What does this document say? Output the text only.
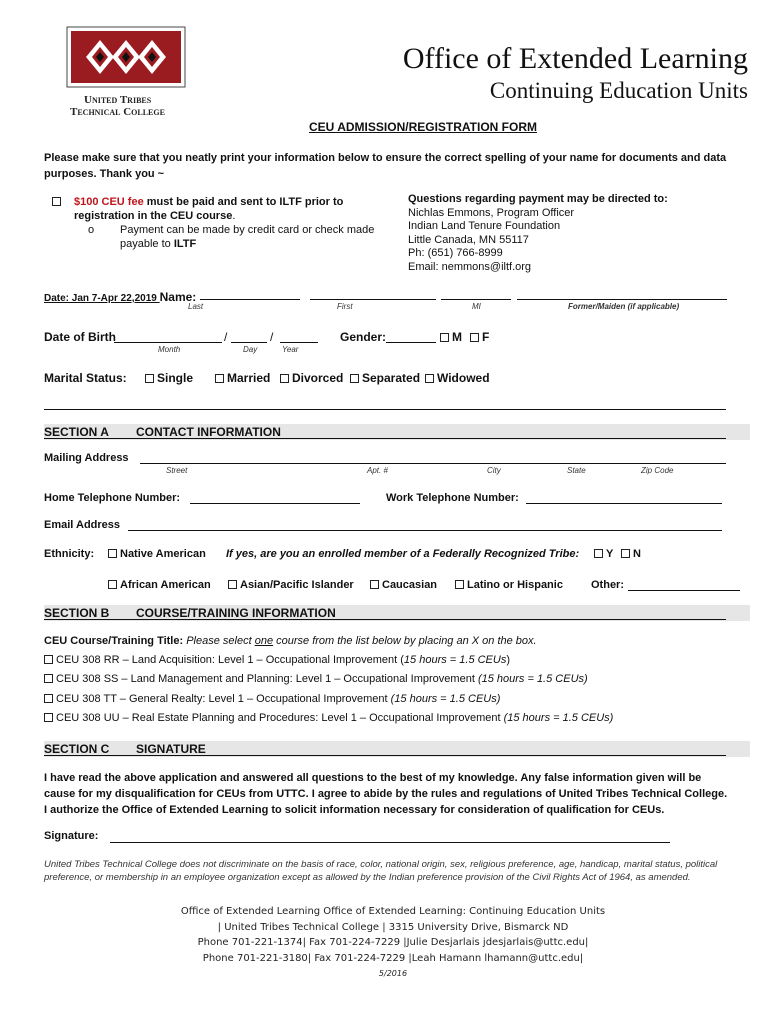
United Tribes
Technical College
Office of Extended Learning
Continuing Education Units
CEU ADMISSION/REGISTRATION FORM
Please make sure that you neatly print your information below to ensure the correct spelling of your name for documents and data purposes. Thank you ~
$100 CEU fee must be paid and sent to ILTF prior to
registration in the CEU course.
o Payment can be made by credit card or check made
payable to ILTF
Questions regarding payment may be directed to:
Nichlas Emmons, Program Officer
Indian Land Tenure Foundation
Little Canada, MN 55117
Ph: (651) 766-8999
Email: nemmons@iltf.org
Date: Jan 7-Apr 22,2019 Name:
Last	First	MI	Former/Maiden (if applicable)
Date of Birth	/	/
Month	Day	Year
Gender:	M	F
Marital Status:	Single	Married	Divorced	Separated	Widowed
SECTION A CONTACT INFORMATION
Mailing Address
Street	Apt. #	City	State	Zip Code
Home Telephone Number:	Work Telephone Number:
Email Address
Ethnicity:	Native American If yes, are you an enrolled member of a Federally Recognized Tribe:	Y	N
African American	Asian/Pacific Islander	Caucasian	Latino or Hispanic	Other:
SECTION B COURSE/TRAINING INFORMATION
CEU Course/Training Title: Please select one course from the list below by placing an X on the box.
CEU 308 RR – Land Acquisition: Level 1 – Occupational Improvement (15 hours = 1.5 CEUs)
CEU 308 SS – Land Management and Planning: Level 1 – Occupational Improvement (15 hours = 1.5 CEUs)
CEU 308 TT – General Realty: Level 1 – Occupational Improvement (15 hours = 1.5 CEUs)
CEU 308 UU – Real Estate Planning and Procedures: Level 1 – Occupational Improvement (15 hours = 1.5 CEUs)
SECTION C SIGNATURE
I have read the above application and answered all questions to the best of my knowledge. Any false information given will be cause for my disqualification for CEUs from UTTC. I agree to abide by the rules and regulations of United Tribes Technical College. I authorize the Office of Extended Learning to solicit information necessary for consideration of qualification for CEUs.
Signature:
United Tribes Technical College does not discriminate on the basis of race, color, national origin, sex, religious preference, age, handicap, marital status, political preference, or membership in an employee organization except as allowed by the Indian preference provision of the Civil Rights Act of 1964, as amended.
Office of Extended Learning Office of Extended Learning: Continuing Education Units
| United Tribes Technical College | 3315 University Drive, Bismarck ND
Phone 701-221-1374| Fax 701-224-7229 |Julie Desjarlais jdesjarlais@uttc.edu|
Phone 701-221-3180| Fax 701-224-7229 |Leah Hamann lhamann@uttc.edu|
5/2016
